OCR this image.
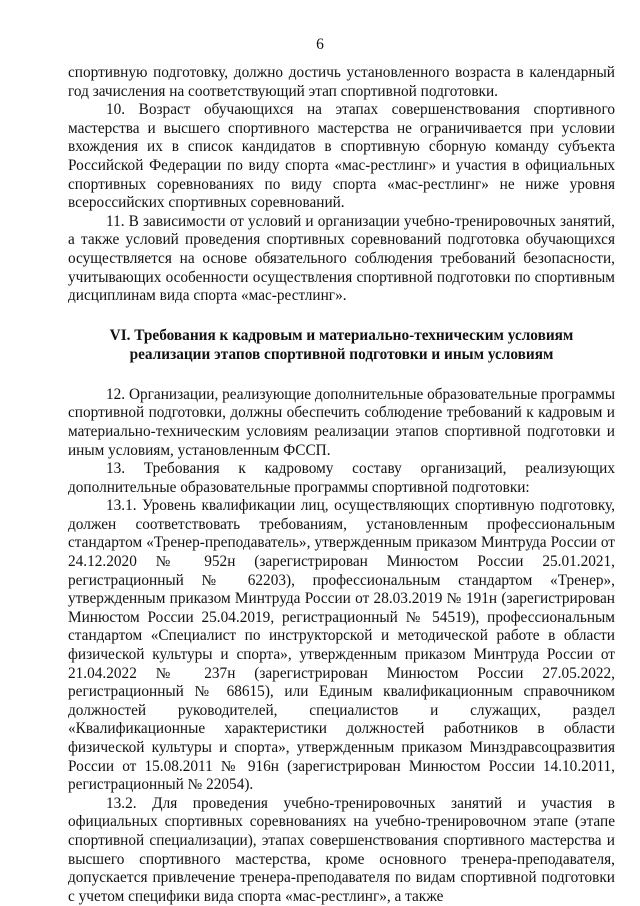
6

спортивную подготовку, должно достичь установленного возраста в календарный год зачисления на соответствующий этап спортивной подготовки.

10. Возраст обучающихся на этапах совершенствования спортивного мастерства и высшего спортивного мастерства не ограничивается при условии вхождения их в список кандидатов в спортивную сборную команду субъекта Российской Федерации по виду спорта «мас-рестлинг» и участия в официальных спортивных соревнованиях по виду спорта «мас-рестлинг» не ниже уровня всероссийских спортивных соревнований.

11. В зависимости от условий и организации учебно-тренировочных занятий, а также условий проведения спортивных соревнований подготовка обучающихся осуществляется на основе обязательного соблюдения требований безопасности, учитывающих особенности осуществления спортивной подготовки по спортивным дисциплинам вида спорта «мас-рестлинг».

VI. Требования к кадровым и материально-техническим условиям реализации этапов спортивной подготовки и иным условиям

12. Организации, реализующие дополнительные образовательные программы спортивной подготовки, должны обеспечить соблюдение требований к кадровым и материально-техническим условиям реализации этапов спортивной подготовки и иным условиям, установленным ФССП.

13. Требования к кадровому составу организаций, реализующих дополнительные образовательные программы спортивной подготовки:

13.1. Уровень квалификации лиц, осуществляющих спортивную подготовку, должен соответствовать требованиям, установленным профессиональным стандартом «Тренер-преподаватель», утвержденным приказом Минтруда России от 24.12.2020 № 952н (зарегистрирован Минюстом России 25.01.2021, регистрационный № 62203), профессиональным стандартом «Тренер», утвержденным приказом Минтруда России от 28.03.2019 № 191н (зарегистрирован Минюстом России 25.04.2019, регистрационный № 54519), профессиональным стандартом «Специалист по инструкторской и методической работе в области физической культуры и спорта», утвержденным приказом Минтруда России от 21.04.2022 № 237н (зарегистрирован Минюстом России 27.05.2022, регистрационный № 68615), или Единым квалификационным справочником должностей руководителей, специалистов и служащих, раздел «Квалификационные характеристики должностей работников в области физической культуры и спорта», утвержденным приказом Минздравсоцразвития России от 15.08.2011 № 916н (зарегистрирован Минюстом России 14.10.2011, регистрационный № 22054).

13.2. Для проведения учебно-тренировочных занятий и участия в официальных спортивных соревнованиях на учебно-тренировочном этапе (этапе спортивной специализации), этапах совершенствования спортивного мастерства и высшего спортивного мастерства, кроме основного тренера-преподавателя, допускается привлечение тренера-преподавателя по видам спортивной подготовки с учетом специфики вида спорта «мас-рестлинг», а также
